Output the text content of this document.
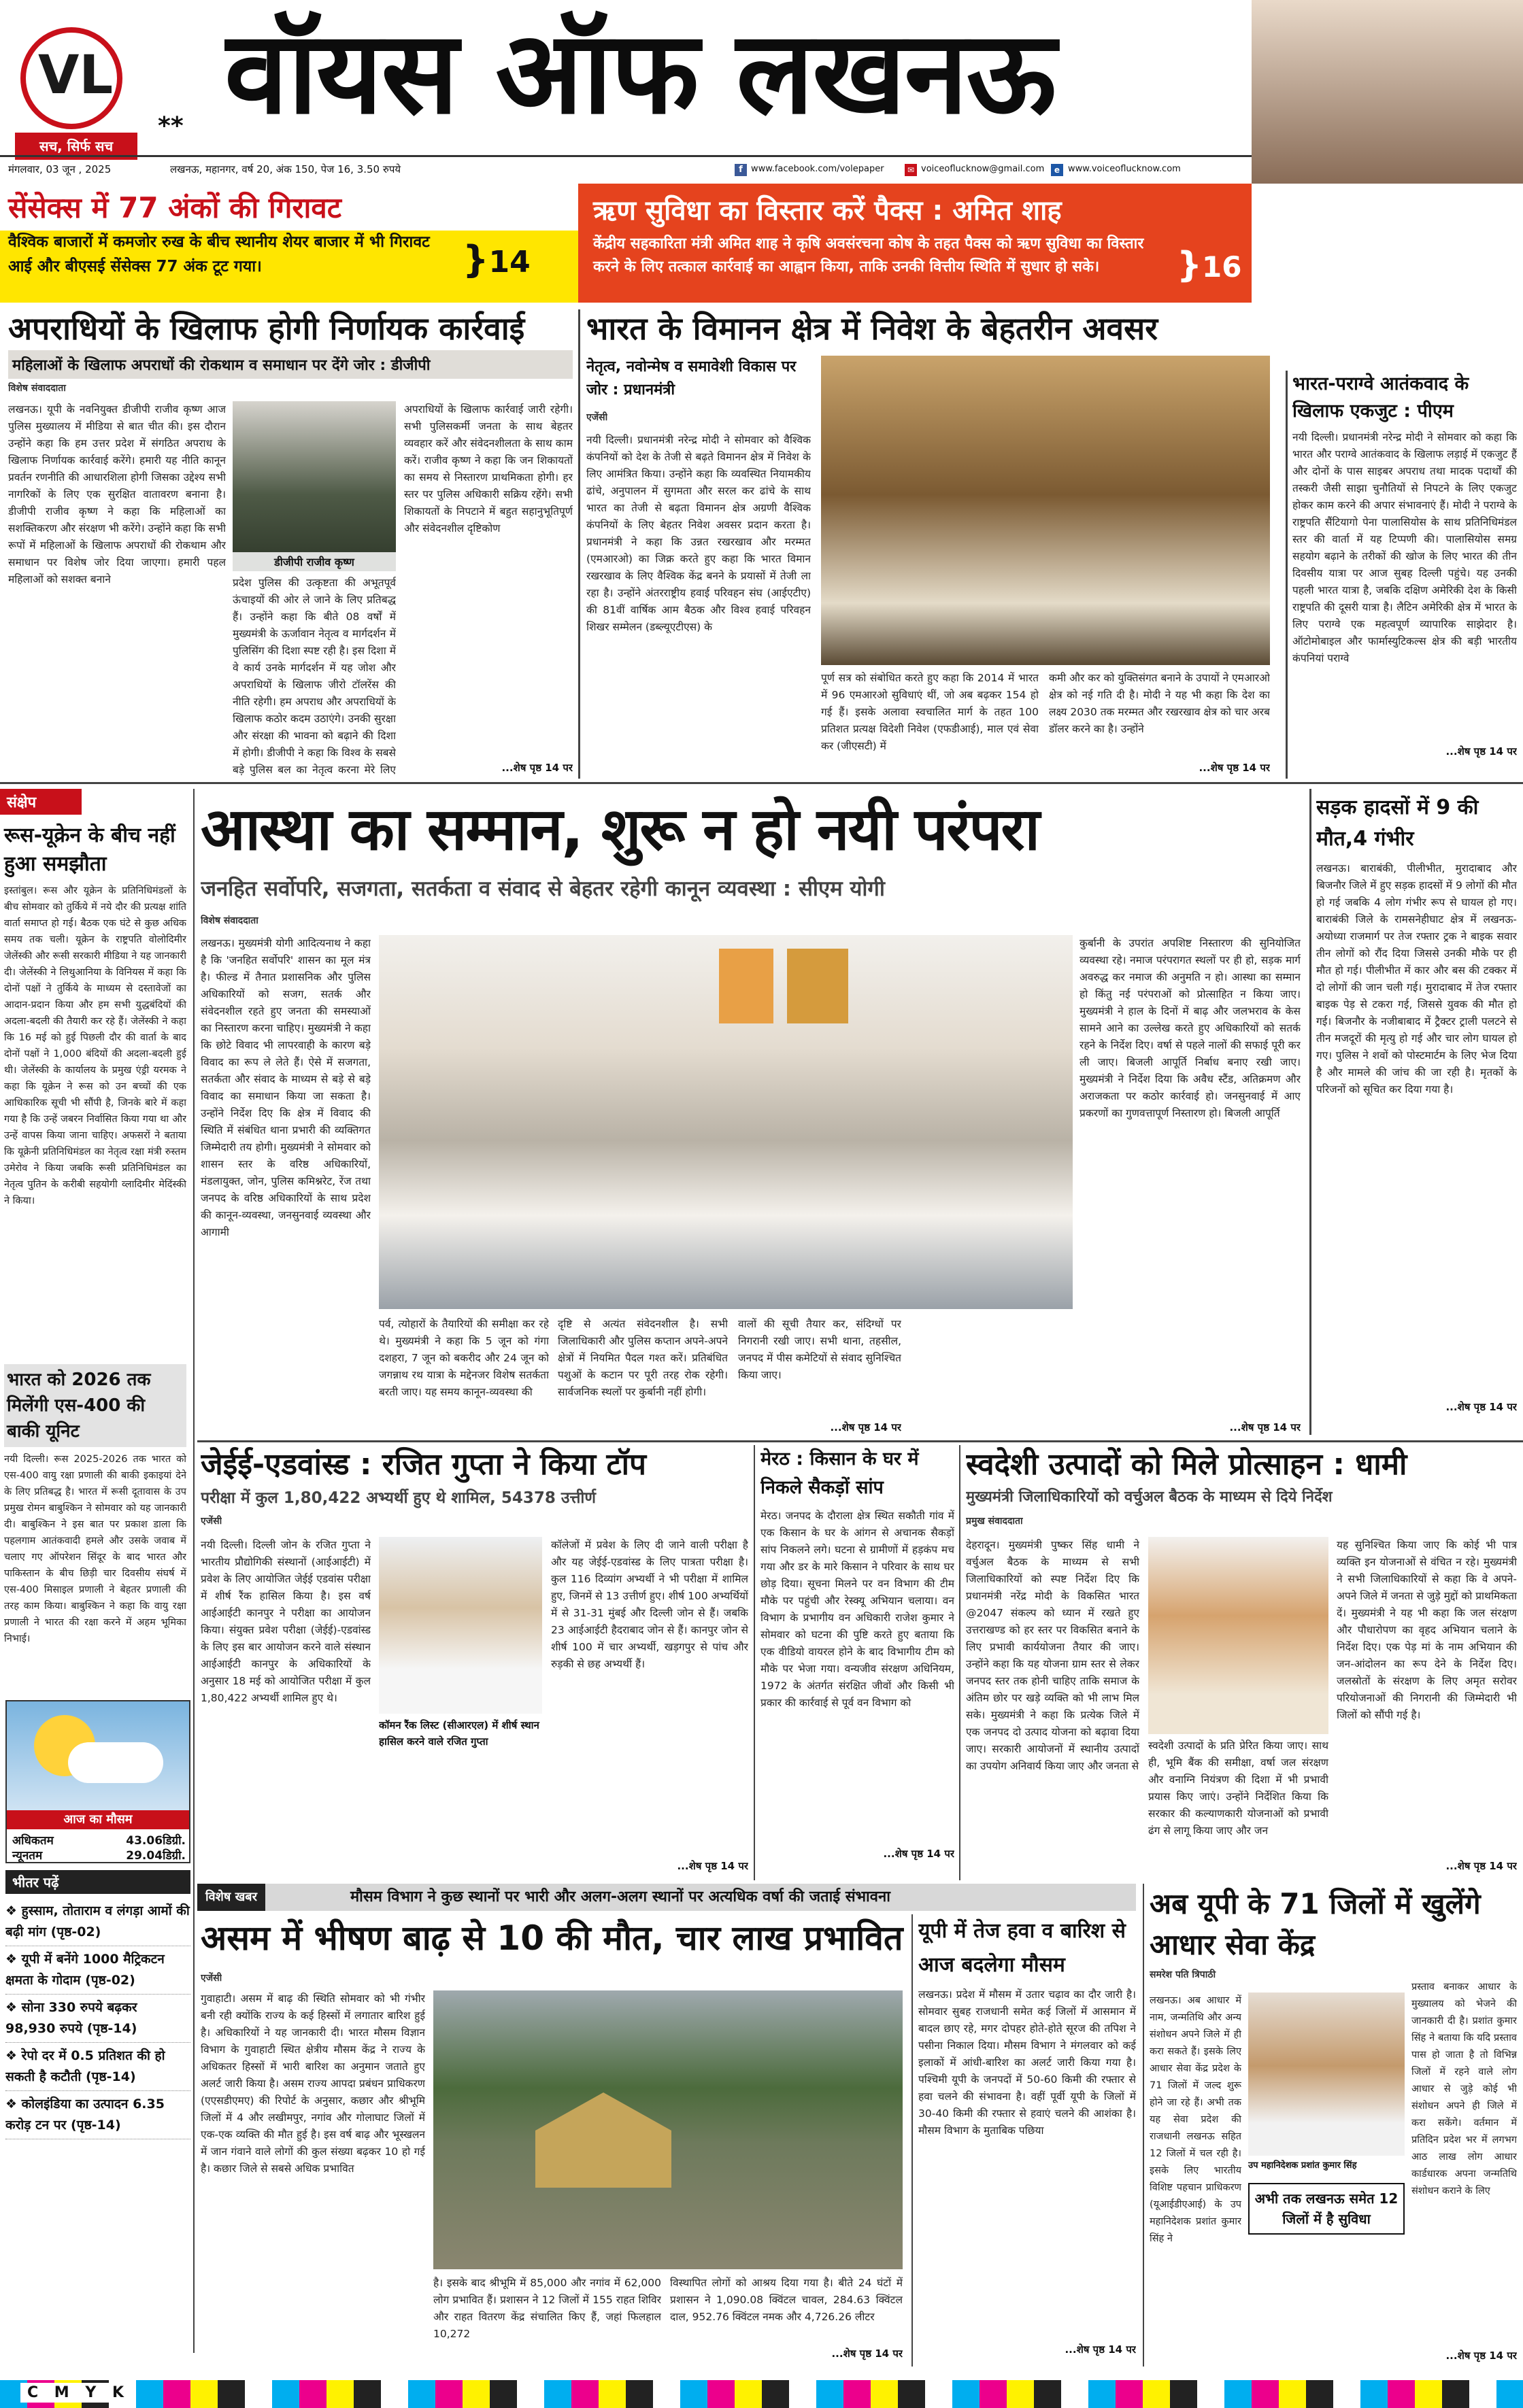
VL
सच, सिर्फ सच
** वॉयस ऑफ लखनऊ
मंगलवार, 03 जून , 2025	लखनऊ, महानगर, वर्ष 20, अंक 150, पेज 16, 3.50 रुपये	f www.facebook.com/volepaper	✉ voiceoflucknow@gmail.com	e www.voiceoflucknow.com
सेंसेक्स में 77 अंकों की गिरावट
वैश्विक बाजारों में कमजोर रुख के बीच स्थानीय शेयर बाजार में भी गिरावट आई और बीएसई सेंसेक्स 77 अंक टूट गया।	}14
ऋण सुविधा का विस्तार करें पैक्स : अमित शाह
केंद्रीय सहकारिता मंत्री अमित शाह ने कृषि अवसंरचना कोष के तहत पैक्स को ऋण सुविधा का विस्तार करने के लिए तत्काल कार्रवाई का आह्वान किया, ताकि उनकी वित्तीय स्थिति में सुधार हो सके।	}16
अपराधियों के खिलाफ होगी निर्णायक कार्रवाई
महिलाओं के खिलाफ अपराधों की रोकथाम व समाधान पर देंगे जोर : डीजीपी
विशेष संवाददाता
लखनऊ। यूपी के नवनियुक्त डीजीपी राजीव कृष्ण आज पुलिस मुख्यालय में मीडिया से बात चीत की। इस दौरान उन्होंने कहा कि हम उत्तर प्रदेश में संगठित अपराध के खिलाफ निर्णायक कार्रवाई करेंगे। हमारी यह नीति कानून प्रवर्तन रणनीति की आधारशिला होगी जिसका उद्देश्य सभी नागरिकों के लिए एक सुरक्षित वातावरण बनाना है। डीजीपी राजीव कृष्ण ने कहा कि महिलाओं का सशक्तिकरण और संरक्षण भी करेंगे। उन्होंने कहा कि सभी रूपों में महिलाओं के खिलाफ अपराधों की रोकथाम और समाधान पर विशेष जोर दिया जाएगा। हमारी पहल महिलाओं को सशक्त बनाने
डीजीपी राजीव कृष्ण
प्रदेश पुलिस की उत्कृष्टता की अभूतपूर्व ऊंचाइयों की ओर ले जाने के लिए प्रतिबद्ध हैं। उन्होंने कहा कि बीते 08 वर्षों में मुख्यमंत्री के ऊर्जावान नेतृत्व व मार्गदर्शन में पुलिसिंग की दिशा स्पष्ट रही है। इस दिशा में वे कार्य उनके मार्गदर्शन में यह जोश और अपराधियों के खिलाफ जीरो टॉलरेंस की नीति रहेगी। हम अपराध और अपराधियों के खिलाफ कठोर कदम उठाएंगे। उनकी सुरक्षा और संरक्षा की भावना को बढ़ाने की दिशा में होगी। डीजीपी ने कहा कि विश्व के सबसे बड़े पुलिस बल का नेतृत्व करना मेरे लिए
अपराधियों के खिलाफ कार्रवाई जारी रहेगी। सभी पुलिसकर्मी जनता के साथ बेहतर व्यवहार करें और संवेदनशीलता के साथ काम करें। राजीव कृष्ण ने कहा कि जन शिकायतों का समय से निस्तारण प्राथमिकता होगी। हर स्तर पर पुलिस अधिकारी सक्रिय रहेंगे। सभी शिकायतों के निपटाने में बहुत सहानुभूतिपूर्ण और संवेदनशील दृष्टिकोण
...शेष पृष्ठ 14 पर
भारत के विमानन क्षेत्र में निवेश के बेहतरीन अवसर
नेतृत्व, नवोन्मेष व समावेशी विकास पर जोर : प्रधानमंत्री
एजेंसी
नयी दिल्ली। प्रधानमंत्री नरेन्द्र मोदी ने सोमवार को वैश्विक कंपनियों को देश के तेजी से बढ़ते विमानन क्षेत्र में निवेश के लिए आमंत्रित किया। उन्होंने कहा कि व्यवस्थित नियामकीय ढांचे, अनुपालन में सुगमता और सरल कर ढांचे के साथ भारत का तेजी से बढ़ता विमानन क्षेत्र अग्रणी वैश्विक कंपनियों के लिए बेहतर निवेश अवसर प्रदान करता है। प्रधानमंत्री ने कहा कि उन्नत रखरखाव और मरम्मत (एमआरओ) का जिक्र करते हुए कहा कि भारत विमान रखरखाव के लिए वैश्विक केंद्र बनने के प्रयासों में तेजी ला रहा है। उन्होंने अंतरराष्ट्रीय हवाई परिवहन संघ (आईएटीए) की 81वीं वार्षिक आम बैठक और विश्व हवाई परिवहन शिखर सम्मेलन (डब्ल्यूएटीएस) के
पूर्ण सत्र को संबोधित करते हुए कहा कि 2014 में भारत में 96 एमआरओ सुविधाएं थीं, जो अब बढ़कर 154 हो गई हैं। इसके अलावा स्वचालित मार्ग के तहत 100 प्रतिशत प्रत्यक्ष विदेशी निवेश (एफडीआई), माल एवं सेवा कर (जीएसटी) में
कमी और कर को युक्तिसंगत बनाने के उपायों ने एमआरओ क्षेत्र को नई गति दी है। मोदी ने यह भी कहा कि देश का लक्ष्य 2030 तक मरम्मत और रखरखाव क्षेत्र को चार अरब डॉलर करने का है। उन्होंने
...शेष पृष्ठ 14 पर
भारत-पराग्वे आतंकवाद के खिलाफ एकजुट : पीएम
नयी दिल्ली। प्रधानमंत्री नरेन्द्र मोदी ने सोमवार को कहा कि भारत और पराग्वे आतंकवाद के खिलाफ लड़ाई में एकजुट हैं और दोनों के पास साइबर अपराध तथा मादक पदार्थों की तस्करी जैसी साझा चुनौतियों से निपटने के लिए एकजुट होकर काम करने की अपार संभावनाएं हैं। मोदी ने पराग्वे के राष्ट्रपति सैंटियागो पेना पालासियोस के साथ प्रतिनिधिमंडल स्तर की वार्ता में यह टिप्पणी की। पालासियोस समग्र सहयोग बढ़ाने के तरीकों की खोज के लिए भारत की तीन दिवसीय यात्रा पर आज सुबह दिल्ली पहुंचे। यह उनकी पहली भारत यात्रा है, जबकि दक्षिण अमेरिकी देश के किसी राष्ट्रपति की दूसरी यात्रा है। लैटिन अमेरिकी क्षेत्र में भारत के लिए पराग्वे एक महत्वपूर्ण व्यापारिक साझेदार है। ऑटोमोबाइल और फार्मास्युटिकल्स क्षेत्र की बड़ी भारतीय कंपनियां पराग्वे
...शेष पृष्ठ 14 पर
संक्षेप
रूस-यूक्रेन के बीच नहीं हुआ समझौता
इस्तांबुल। रूस और यूक्रेन के प्रतिनिधिमंडलों के बीच सोमवार को तुर्किये में नये दौर की प्रत्यक्ष शांति वार्ता समाप्त हो गई। बैठक एक घंटे से कुछ अधिक समय तक चली। यूक्रेन के राष्ट्रपति वोलोदिमीर जेलेंस्की और रूसी सरकारी मीडिया ने यह जानकारी दी। जेलेंस्की ने लिथुआनिया के विनियस में कहा कि दोनों पक्षों ने तुर्किये के माध्यम से दस्तावेजों का आदान-प्रदान किया और हम सभी युद्धबंदियों की अदला-बदली की तैयारी कर रहे हैं। जेलेंस्की ने कहा कि 16 मई को हुई पिछली दौर की वार्ता के बाद दोनों पक्षों ने 1,000 बंदियों की अदला-बदली हुई थी। जेलेंस्की के कार्यालय के प्रमुख एंड्री यरमक ने कहा कि यूक्रेन ने रूस को उन बच्चों की एक आधिकारिक सूची भी सौंपी है, जिनके बारे में कहा गया है कि उन्हें जबरन निर्वासित किया गया था और उन्हें वापस किया जाना चाहिए। अफसरों ने बताया कि यूक्रेनी प्रतिनिधिमंडल का नेतृत्व रक्षा मंत्री रुस्तम उमेरोव ने किया जबकि रूसी प्रतिनिधिमंडल का नेतृत्व पुतिन के करीबी सहयोगी व्लादिमीर मेदिंस्की ने किया।
भारत को 2026 तक मिलेंगी एस-400 की बाकी यूनिट
नयी दिल्ली। रूस 2025-2026 तक भारत को एस-400 वायु रक्षा प्रणाली की बाकी इकाइयां देने के लिए प्रतिबद्ध है। भारत में रूसी दूतावास के उप प्रमुख रोमन बाबुश्किन ने सोमवार को यह जानकारी दी। बाबुश्किन ने इस बात पर प्रकाश डाला कि पहलगाम आतंकवादी हमले और उसके जवाब में चलाए गए ऑपरेशन सिंदूर के बाद भारत और पाकिस्तान के बीच छिड़ी चार दिवसीय संघर्ष में एस-400 मिसाइल प्रणाली ने बेहतर प्रणाली की तरह काम किया। बाबुश्किन ने कहा कि वायु रक्षा प्रणाली ने भारत की रक्षा करने में अहम भूमिका निभाई।
आस्था का सम्मान, शुरू न हो नयी परंपरा
जनहित सर्वोपरि, सजगता, सतर्कता व संवाद से बेहतर रहेगी कानून व्यवस्था : सीएम योगी
विशेष संवाददाता
लखनऊ। मुख्यमंत्री योगी आदित्यनाथ ने कहा है कि 'जनहित सर्वोपरि' शासन का मूल मंत्र है। फील्ड में तैनात प्रशासनिक और पुलिस अधिकारियों को सजग, सतर्क और संवेदनशील रहते हुए जनता की समस्याओं का निस्तारण करना चाहिए। मुख्यमंत्री ने कहा कि छोटे विवाद भी लापरवाही के कारण बड़े विवाद का रूप ले लेते हैं। ऐसे में सजगता, सतर्कता और संवाद के माध्यम से बड़े से बड़े विवाद का समाधान किया जा सकता है। उन्होंने निर्देश दिए कि क्षेत्र में विवाद की स्थिति में संबंधित थाना प्रभारी की व्यक्तिगत जिम्मेदारी तय होगी। मुख्यमंत्री ने सोमवार को शासन स्तर के वरिष्ठ अधिकारियों, मंडलायुक्त, जोन, पुलिस कमिश्नरेट, रेंज तथा जनपद के वरिष्ठ अधिकारियों के साथ प्रदेश की कानून-व्यवस्था, जनसुनवाई व्यवस्था और आगामी
पर्व, त्योहारों के तैयारियों की समीक्षा कर रहे थे। मुख्यमंत्री ने कहा कि 5 जून को गंगा दशहरा, 7 जून को बकरीद और 24 जून को जगन्नाथ रथ यात्रा के मद्देनजर विशेष सतर्कता बरती जाए। यह समय कानून-व्यवस्था की
दृष्टि से अत्यंत संवेदनशील है। सभी जिलाधिकारी और पुलिस कप्तान अपने-अपने क्षेत्रों में नियमित पैदल गश्त करें। प्रतिबंधित पशुओं के कटान पर पूरी तरह रोक रहेगी। सार्वजनिक स्थलों पर कुर्बानी नहीं होगी।
वालों की सूची तैयार कर, संदिग्धों पर निगरानी रखी जाए। सभी थाना, तहसील, जनपद में पीस कमेटियों से संवाद सुनिश्चित किया जाए।
...शेष पृष्ठ 14 पर
कुर्बानी के उपरांत अपशिष्ट निस्तारण की सुनियोजित व्यवस्था रहे। नमाज परंपरागत स्थलों पर ही हो, सड़क मार्ग अवरुद्ध कर नमाज की अनुमति न हो। आस्था का सम्मान हो किंतु नई परंपराओं को प्रोत्साहित न किया जाए। मुख्यमंत्री ने हाल के दिनों में बाढ़ और जलभराव के केस सामने आने का उल्लेख करते हुए अधिकारियों को सतर्क रहने के निर्देश दिए। वर्षा से पहले नालों की सफाई पूरी कर ली जाए। बिजली आपूर्ति निर्बाध बनाए रखी जाए। मुख्यमंत्री ने निर्देश दिया कि अवैध स्टैंड, अतिक्रमण और अराजकता पर कठोर कार्रवाई हो। जनसुनवाई में आए प्रकरणों का गुणवत्तापूर्ण निस्तारण हो। बिजली आपूर्ति
...शेष पृष्ठ 14 पर
सड़क हादसों में 9 की मौत,4 गंभीर
लखनऊ। बाराबंकी, पीलीभीत, मुरादाबाद और बिजनौर जिले में हुए सड़क हादसों में 9 लोगों की मौत हो गई जबकि 4 लोग गंभीर रूप से घायल हो गए। बाराबंकी जिले के रामसनेहीघाट क्षेत्र में लखनऊ-अयोध्या राजमार्ग पर तेज रफ्तार ट्रक ने बाइक सवार तीन लोगों को रौंद दिया जिससे उनकी मौके पर ही मौत हो गई। पीलीभीत में कार और बस की टक्कर में दो लोगों की जान चली गई। मुरादाबाद में तेज रफ्तार बाइक पेड़ से टकरा गई, जिससे युवक की मौत हो गई। बिजनौर के नजीबाबाद में ट्रैक्टर ट्राली पलटने से तीन मजदूरों की मृत्यु हो गई और चार लोग घायल हो गए। पुलिस ने शवों को पोस्टमार्टम के लिए भेज दिया है और मामले की जांच की जा रही है। मृतकों के परिजनों को सूचित कर दिया गया है।
...शेष पृष्ठ 14 पर
जेईई-एडवांस्ड : रजित गुप्ता ने किया टॉप
परीक्षा में कुल 1,80,422 अभ्यर्थी हुए थे शामिल, 54378 उत्तीर्ण
एजेंसी
नयी दिल्ली। दिल्ली जोन के रजित गुप्ता ने भारतीय प्रौद्योगिकी संस्थानों (आईआईटी) में प्रवेश के लिए आयोजित जेईई एडवांस परीक्षा में शीर्ष रैंक हासिल किया है। इस वर्ष आईआईटी कानपुर ने परीक्षा का आयोजन किया। संयुक्त प्रवेश परीक्षा (जेईई)-एडवांस्ड के लिए इस बार आयोजन करने वाले संस्थान आईआईटी कानपुर के अधिकारियों के अनुसार 18 मई को आयोजित परीक्षा में कुल 1,80,422 अभ्यर्थी शामिल हुए थे।
कॉमन रैंक लिस्ट (सीआरएल) में शीर्ष स्थान हासिल करने वाले रजित गुप्ता
कॉलेजों में प्रवेश के लिए दी जाने वाली परीक्षा है और यह जेईई-एडवांस्ड के लिए पात्रता परीक्षा है। कुल 116 दिव्यांग अभ्यर्थी ने भी परीक्षा में शामिल हुए, जिनमें से 13 उत्तीर्ण हुए। शीर्ष 100 अभ्यर्थियों में से 31-31 मुंबई और दिल्ली जोन से हैं। जबकि 23 आईआईटी हैदराबाद जोन से हैं। कानपुर जोन से शीर्ष 100 में चार अभ्यर्थी, खड़गपुर से पांच और रुड़की से छह अभ्यर्थी हैं।
...शेष पृष्ठ 14 पर
मेरठ : किसान के घर में निकले सैकड़ों सांप
मेरठ। जनपद के दौराला क्षेत्र स्थित सकौती गांव में एक किसान के घर के आंगन से अचानक सैकड़ों सांप निकलने लगे। घटना से ग्रामीणों में हड़कंप मच गया और डर के मारे किसान ने परिवार के साथ घर छोड़ दिया। सूचना मिलने पर वन विभाग की टीम मौके पर पहुंची और रेस्क्यू अभियान चलाया। वन विभाग के प्रभागीय वन अधिकारी राजेश कुमार ने सोमवार को घटना की पुष्टि करते हुए बताया कि एक वीडियो वायरल होने के बाद विभागीय टीम को मौके पर भेजा गया। वन्यजीव संरक्षण अधिनियम, 1972 के अंतर्गत संरक्षित जीवों और किसी भी प्रकार की कार्रवाई से पूर्व वन विभाग को
...शेष पृष्ठ 14 पर
स्वदेशी उत्पादों को मिले प्रोत्साहन : धामी
मुख्यमंत्री जिलाधिकारियों को वर्चुअल बैठक के माध्यम से दिये निर्देश
प्रमुख संवाददाता
देहरादून। मुख्यमंत्री पुष्कर सिंह धामी ने वर्चुअल बैठक के माध्यम से सभी जिलाधिकारियों को स्पष्ट निर्देश दिए कि प्रधानमंत्री नरेंद्र मोदी के विकसित भारत @2047 संकल्प को ध्यान में रखते हुए उत्तराखण्ड को हर स्तर पर विकसित बनाने के लिए प्रभावी कार्ययोजना तैयार की जाए। उन्होंने कहा कि यह योजना ग्राम स्तर से लेकर जनपद स्तर तक होनी चाहिए ताकि समाज के अंतिम छोर पर खड़े व्यक्ति को भी लाभ मिल सके। मुख्यमंत्री ने कहा कि प्रत्येक जिले में एक जनपद दो उत्पाद योजना को बढ़ावा दिया जाए। सरकारी आयोजनों में स्थानीय उत्पादों का उपयोग अनिवार्य किया जाए और जनता से
स्वदेशी उत्पादों के प्रति प्रेरित किया जाए। साथ ही, भूमि बैंक की समीक्षा, वर्षा जल संरक्षण और वनाग्नि नियंत्रण की दिशा में भी प्रभावी प्रयास किए जाएं। उन्होंने निर्देशित किया कि सरकार की कल्याणकारी योजनाओं को प्रभावी ढंग से लागू किया जाए और जन
यह सुनिश्चित किया जाए कि कोई भी पात्र व्यक्ति इन योजनाओं से वंचित न रहे। मुख्यमंत्री ने सभी जिलाधिकारियों से कहा कि वे अपने-अपने जिले में जनता से जुड़े मुद्दों को प्राथमिकता दें। मुख्यमंत्री ने यह भी कहा कि जल संरक्षण और पौधारोपण का वृहद अभियान चलाने के निर्देश दिए। एक पेड़ मां के नाम अभियान की जन-आंदोलन का रूप देने के निर्देश दिए। जलस्रोतों के संरक्षण के लिए अमृत सरोवर परियोजनाओं की निगरानी की जिम्मेदारी भी जिलों को सौंपी गई है।
...शेष पृष्ठ 14 पर
विशेष खबर	मौसम विभाग ने कुछ स्थानों पर भारी और अलग-अलग स्थानों पर अत्यधिक वर्षा की जताई संभावना
आज का मौसम
अधिकतम	43.06डिग्री.
न्यूनतम	29.04डिग्री.
भीतर पढ़ें
❖ हुस्साम, तोताराम व लंगड़ा आमों की बढ़ी मांग (पृष्ठ-02)
❖ यूपी में बनेंगे 1000 मैट्रिकटन क्षमता के गोदाम (पृष्ठ-02)
❖ सोना 330 रुपये बढ़कर 98,930 रुपये (पृष्ठ-14)
❖ रेपो दर में 0.5 प्रतिशत की हो सकती है कटौती (पृष्ठ-14)
❖ कोलइंडिया का उत्पादन 6.35 करोड़ टन पर (पृष्ठ-14)
असम में भीषण बाढ़ से 10 की मौत, चार लाख प्रभावित
एजेंसी
गुवाहाटी। असम में बाढ़ की स्थिति सोमवार को भी गंभीर बनी रही क्योंकि राज्य के कई हिस्सों में लगातार बारिश हुई है। अधिकारियों ने यह जानकारी दी। भारत मौसम विज्ञान विभाग के गुवाहाटी स्थित क्षेत्रीय मौसम केंद्र ने राज्य के अधिकतर हिस्सों में भारी बारिश का अनुमान जताते हुए अलर्ट जारी किया है। असम राज्य आपदा प्रबंधन प्राधिकरण (एएसडीएमए) की रिपोर्ट के अनुसार, कछार और श्रीभूमि जिलों में 4 और लखीमपुर, नगांव और गोलाघाट जिलों में एक-एक व्यक्ति की मौत हुई है। इस वर्ष बाढ़ और भूस्खलन में जान गंवाने वाले लोगों की कुल संख्या बढ़कर 10 हो गई है। कछार जिले से सबसे अधिक प्रभावित
है। इसके बाद श्रीभूमि में 85,000 और नगांव में 62,000 लोग प्रभावित हैं। प्रशासन ने 12 जिलों में 155 राहत शिविर और राहत वितरण केंद्र संचालित किए हैं, जहां फिलहाल 10,272
विस्थापित लोगों को आश्रय दिया गया है। बीते 24 घंटों में प्रशासन ने 1,090.08 क्विंटल चावल, 284.63 क्विंटल दाल, 952.76 क्विंटल नमक और 4,726.26 लीटर
...शेष पृष्ठ 14 पर
यूपी में तेज हवा व बारिश से आज बदलेगा मौसम
लखनऊ। प्रदेश में मौसम में उतार चढ़ाव का दौर जारी है। सोमवार सुबह राजधानी समेत कई जिलों में आसमान में बादल छाए रहे, मगर दोपहर होते-होते सूरज की तपिश ने पसीना निकाल दिया। मौसम विभाग ने मंगलवार को कई इलाकों में आंधी-बारिश का अलर्ट जारी किया गया है। पश्चिमी यूपी के जनपदों में 50-60 किमी की रफ्तार से हवा चलने की संभावना है। वहीं पूर्वी यूपी के जिलों में 30-40 किमी की रफ्तार से हवाएं चलने की आशंका है। मौसम विभाग के मुताबिक पछिया
...शेष पृष्ठ 14 पर
अब यूपी के 71 जिलों में खुलेंगे आधार सेवा केंद्र
समरेश पति त्रिपाठी
लखनऊ। अब आधार में नाम, जन्मतिथि और अन्य संशोधन अपने जिले में ही करा सकते हैं। इसके लिए आधार सेवा केंद्र प्रदेश के 71 जिलों में जल्द शुरू होने जा रहे हैं। अभी तक यह सेवा प्रदेश की राजधानी लखनऊ सहित 12 जिलों में चल रही है। इसके लिए भारतीय विशिष्ट पहचान प्राधिकरण (यूआईडीएआई) के उप महानिदेशक प्रशांत कुमार सिंह ने
उप महानिदेशक प्रशांत कुमार सिंह
अभी तक लखनऊ समेत 12 जिलों में है सुविधा
प्रस्ताव बनाकर आधार के मुख्यालय को भेजने की जानकारी दी है। प्रशांत कुमार सिंह ने बताया कि यदि प्रस्ताव पास हो जाता है तो विभिन्न जिलों में रहने वाले लोग आधार से जुड़े कोई भी संशोधन अपने ही जिले में करा सकेंगे। वर्तमान में प्रतिदिन प्रदेश भर में लगभग आठ लाख लोग आधार कार्डधारक अपना जन्मतिथि संशोधन कराने के लिए
...शेष पृष्ठ 14 पर
C M Y K
